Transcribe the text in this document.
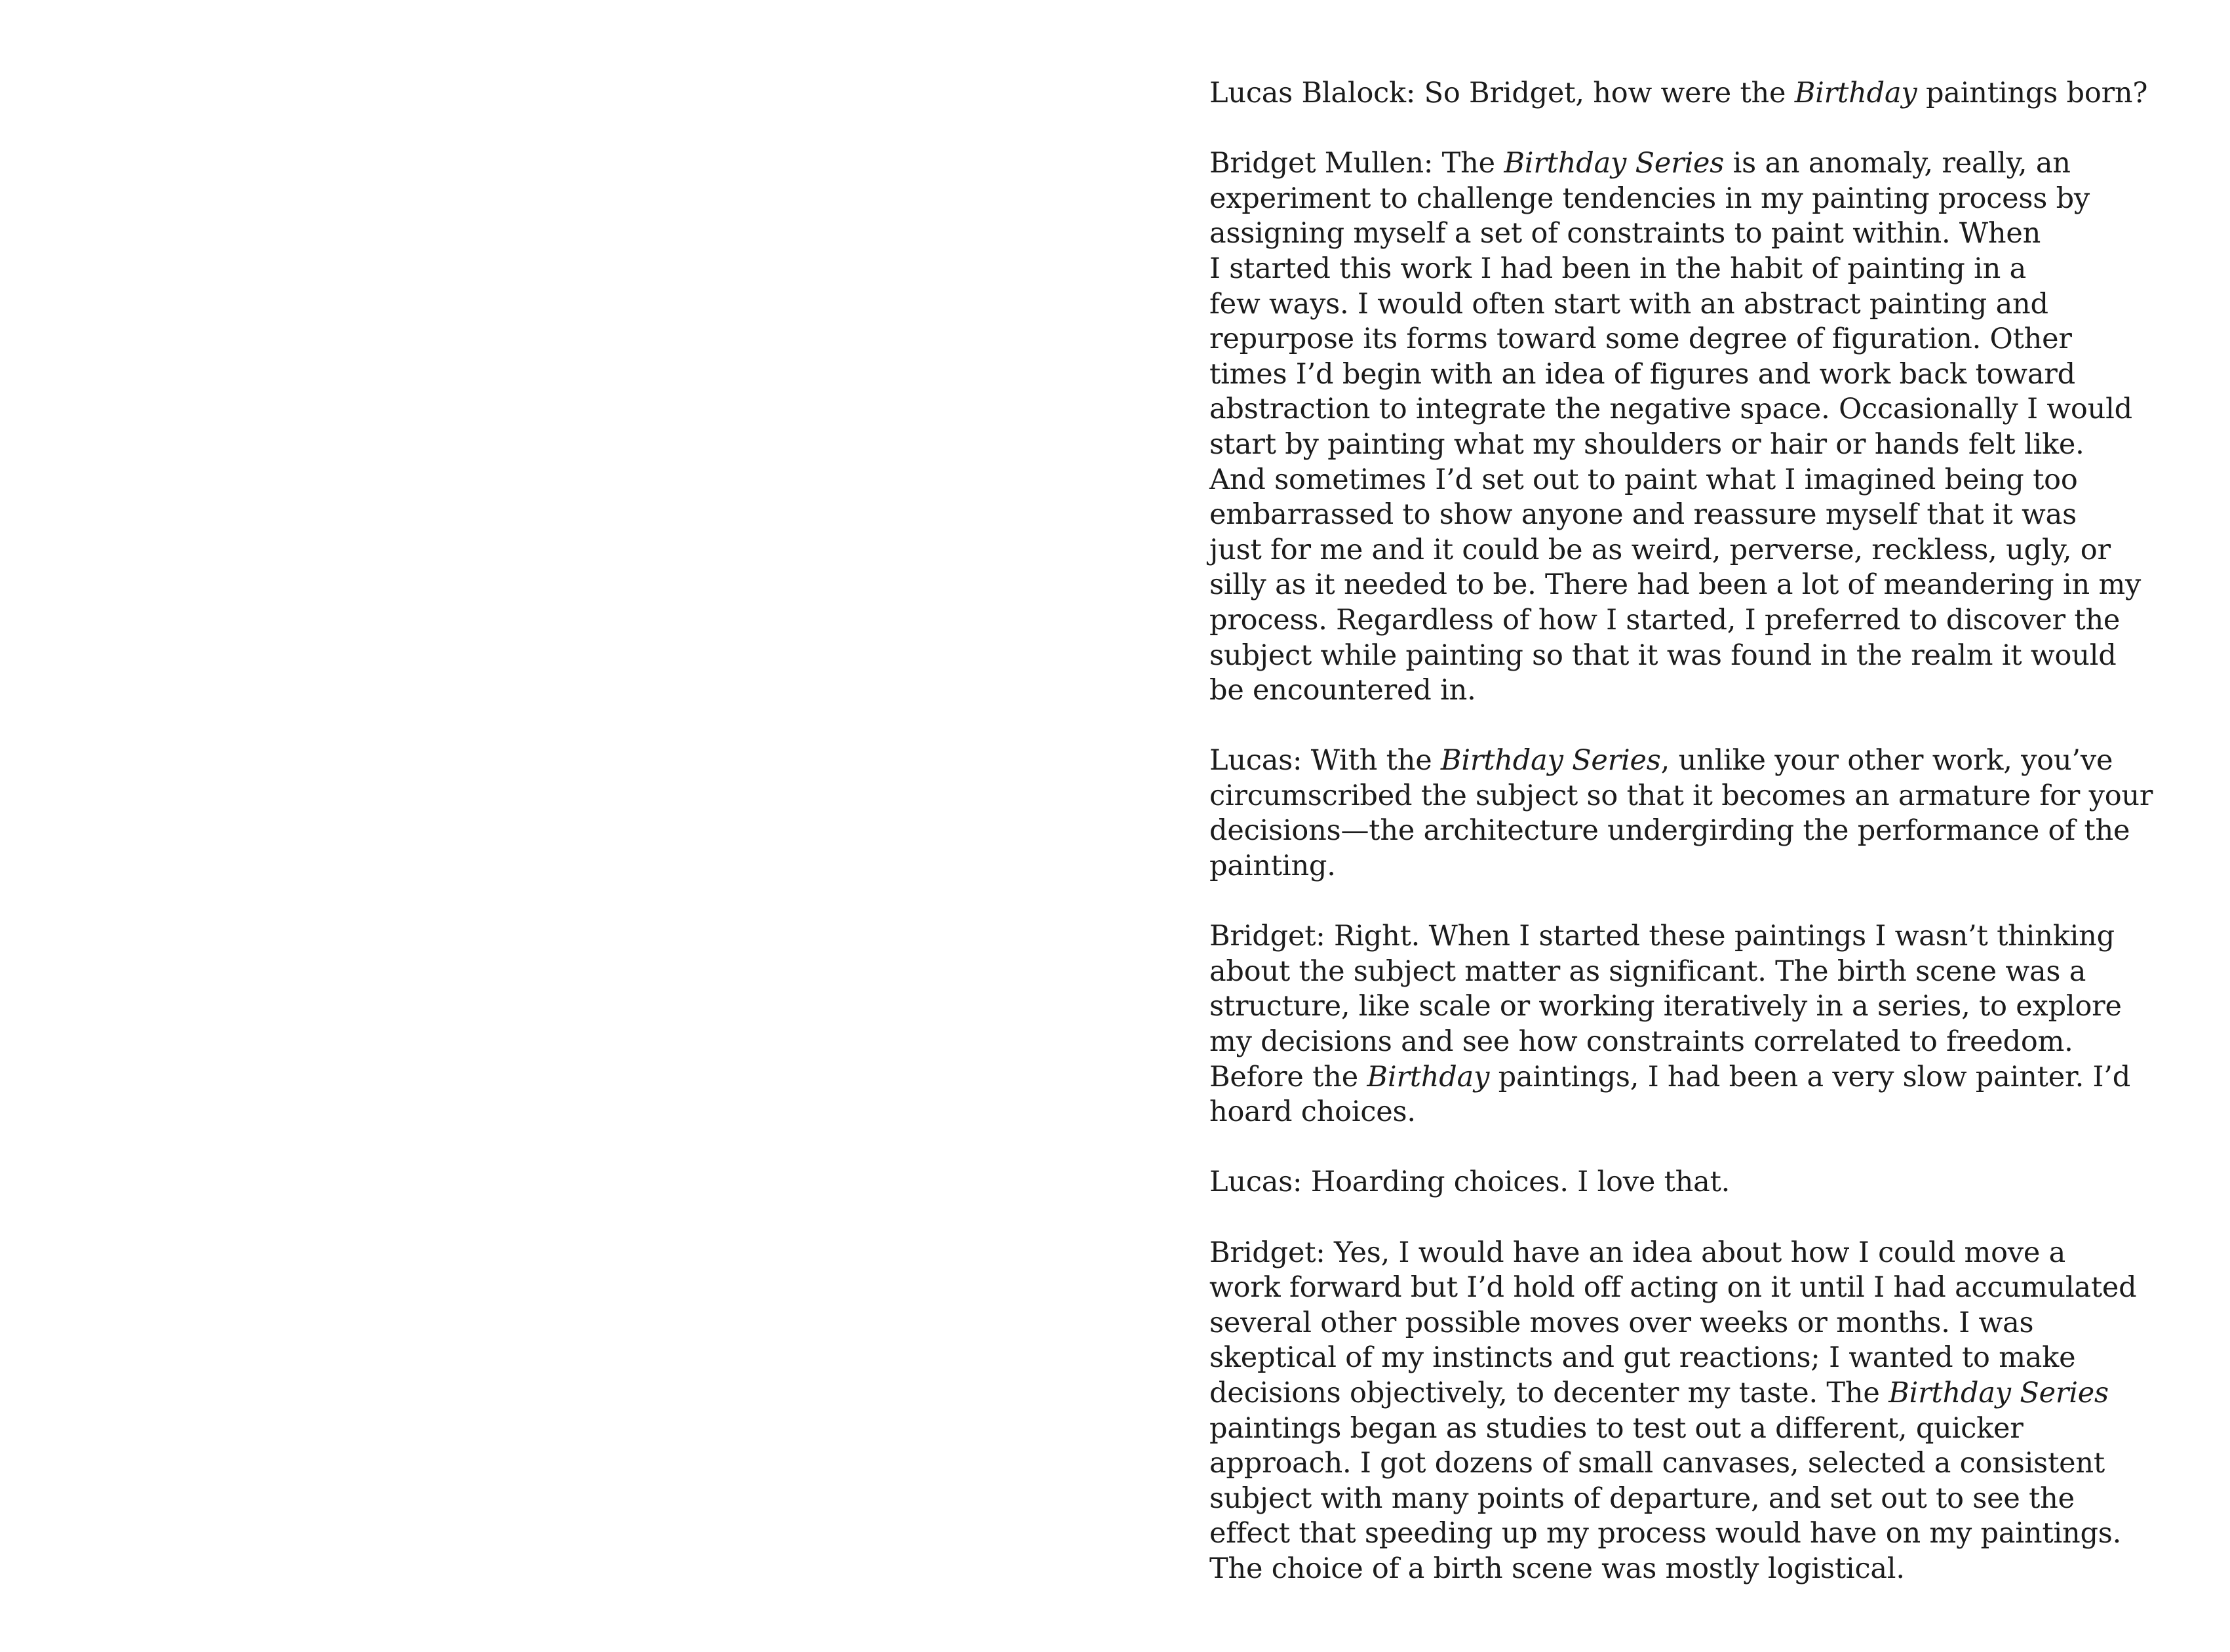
Lucas Blalock: So Bridget, how were the Birthday paintings born?
Bridget Mullen: The Birthday Series is an anomaly, really, an
experiment to challenge tendencies in my painting process by
assigning myself a set of constraints to paint within. When
I started this work I had been in the habit of painting in a
few ways. I would often start with an abstract painting and
repurpose its forms toward some degree of figuration. Other
times I’d begin with an idea of figures and work back toward
abstraction to integrate the negative space. Occasionally I would
start by painting what my shoulders or hair or hands felt like.
And sometimes I’d set out to paint what I imagined being too
embarrassed to show anyone and reassure myself that it was
just for me and it could be as weird, perverse, reckless, ugly, or
silly as it needed to be. There had been a lot of meandering in my
process. Regardless of how I started, I preferred to discover the
subject while painting so that it was found in the realm it would
be encountered in.
Lucas: With the Birthday Series, unlike your other work, you’ve
circumscribed the subject so that it becomes an armature for your
decisions—the architecture undergirding the performance of the
painting.
Bridget: Right. When I started these paintings I wasn’t thinking
about the subject matter as significant. The birth scene was a
structure, like scale or working iteratively in a series, to explore
my decisions and see how constraints correlated to freedom.
Before the Birthday paintings, I had been a very slow painter. I’d
hoard choices.
Lucas: Hoarding choices. I love that.
Bridget: Yes, I would have an idea about how I could move a
work forward but I’d hold off acting on it until I had accumulated
several other possible moves over weeks or months. I was
skeptical of my instincts and gut reactions; I wanted to make
decisions objectively, to decenter my taste. The Birthday Series
paintings began as studies to test out a different, quicker
approach. I got dozens of small canvases, selected a consistent
subject with many points of departure, and set out to see the
effect that speeding up my process would have on my paintings.
The choice of a birth scene was mostly logistical.
